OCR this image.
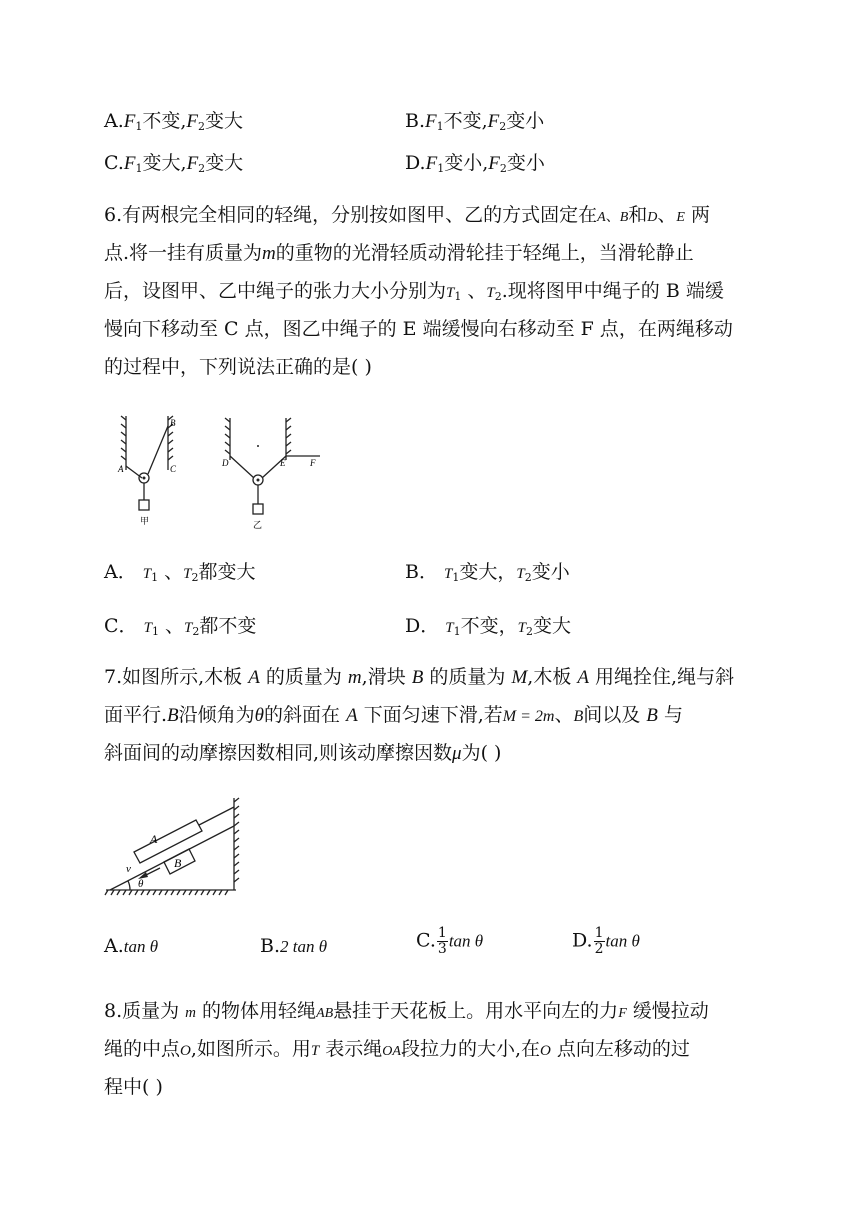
$A.F_1$不变$,F_2$变大	$B.F_1$不变$,F_2$变小
$C.F_1$变大$,F_2$变大	$D.F_1$变小$,F_2$变小
6.有两根完全相同的轻绳，分别按如图甲、乙的方式固定在A、B和D、E 两
点.将一挂有质量为m的重物的光滑轻质动滑轮挂于轻绳上，当滑轮静止
后，设图甲、乙中绳子的张力大小分别为$T_1$ 、$T_2$.现将图甲中绳子的 B 端缓
慢向下移动至 C 点，图乙中绳子的 E 端缓慢向右移动至 F 点，在两绳移动
的过程中，下列说法正确的是( )
A
B
C
甲
D	E	F
乙
A． $T_1$ 、$T_2$都变大	B． $T_1$变大，$T_2$变小
C． $T_1$ 、$T_2$都不变	D． $T_1$不变，$T_2$变大
7.如图所示,木板 A 的质量为 m,滑块 B 的质量为 M,木板 A 用绳拴住,绳与斜
面平行.B沿倾角为θ的斜面在 A 下面匀速下滑,若M = 2m、B间以及 B 与
斜面间的动摩擦因数相同,则该动摩擦因数μ为( )
A
B
v
θ
A.tan θ	B.2 tan θ	C. $\frac{1}{3}$ tan θ	D. $\frac{1}{2}$ tan θ
8.质量为 m 的物体用轻绳AB悬挂于天花板上。用水平向左的力F 缓慢拉动
绳的中点O,如图所示。用T 表示绳OA段拉力的大小,在O 点向左移动的过
程中( )
